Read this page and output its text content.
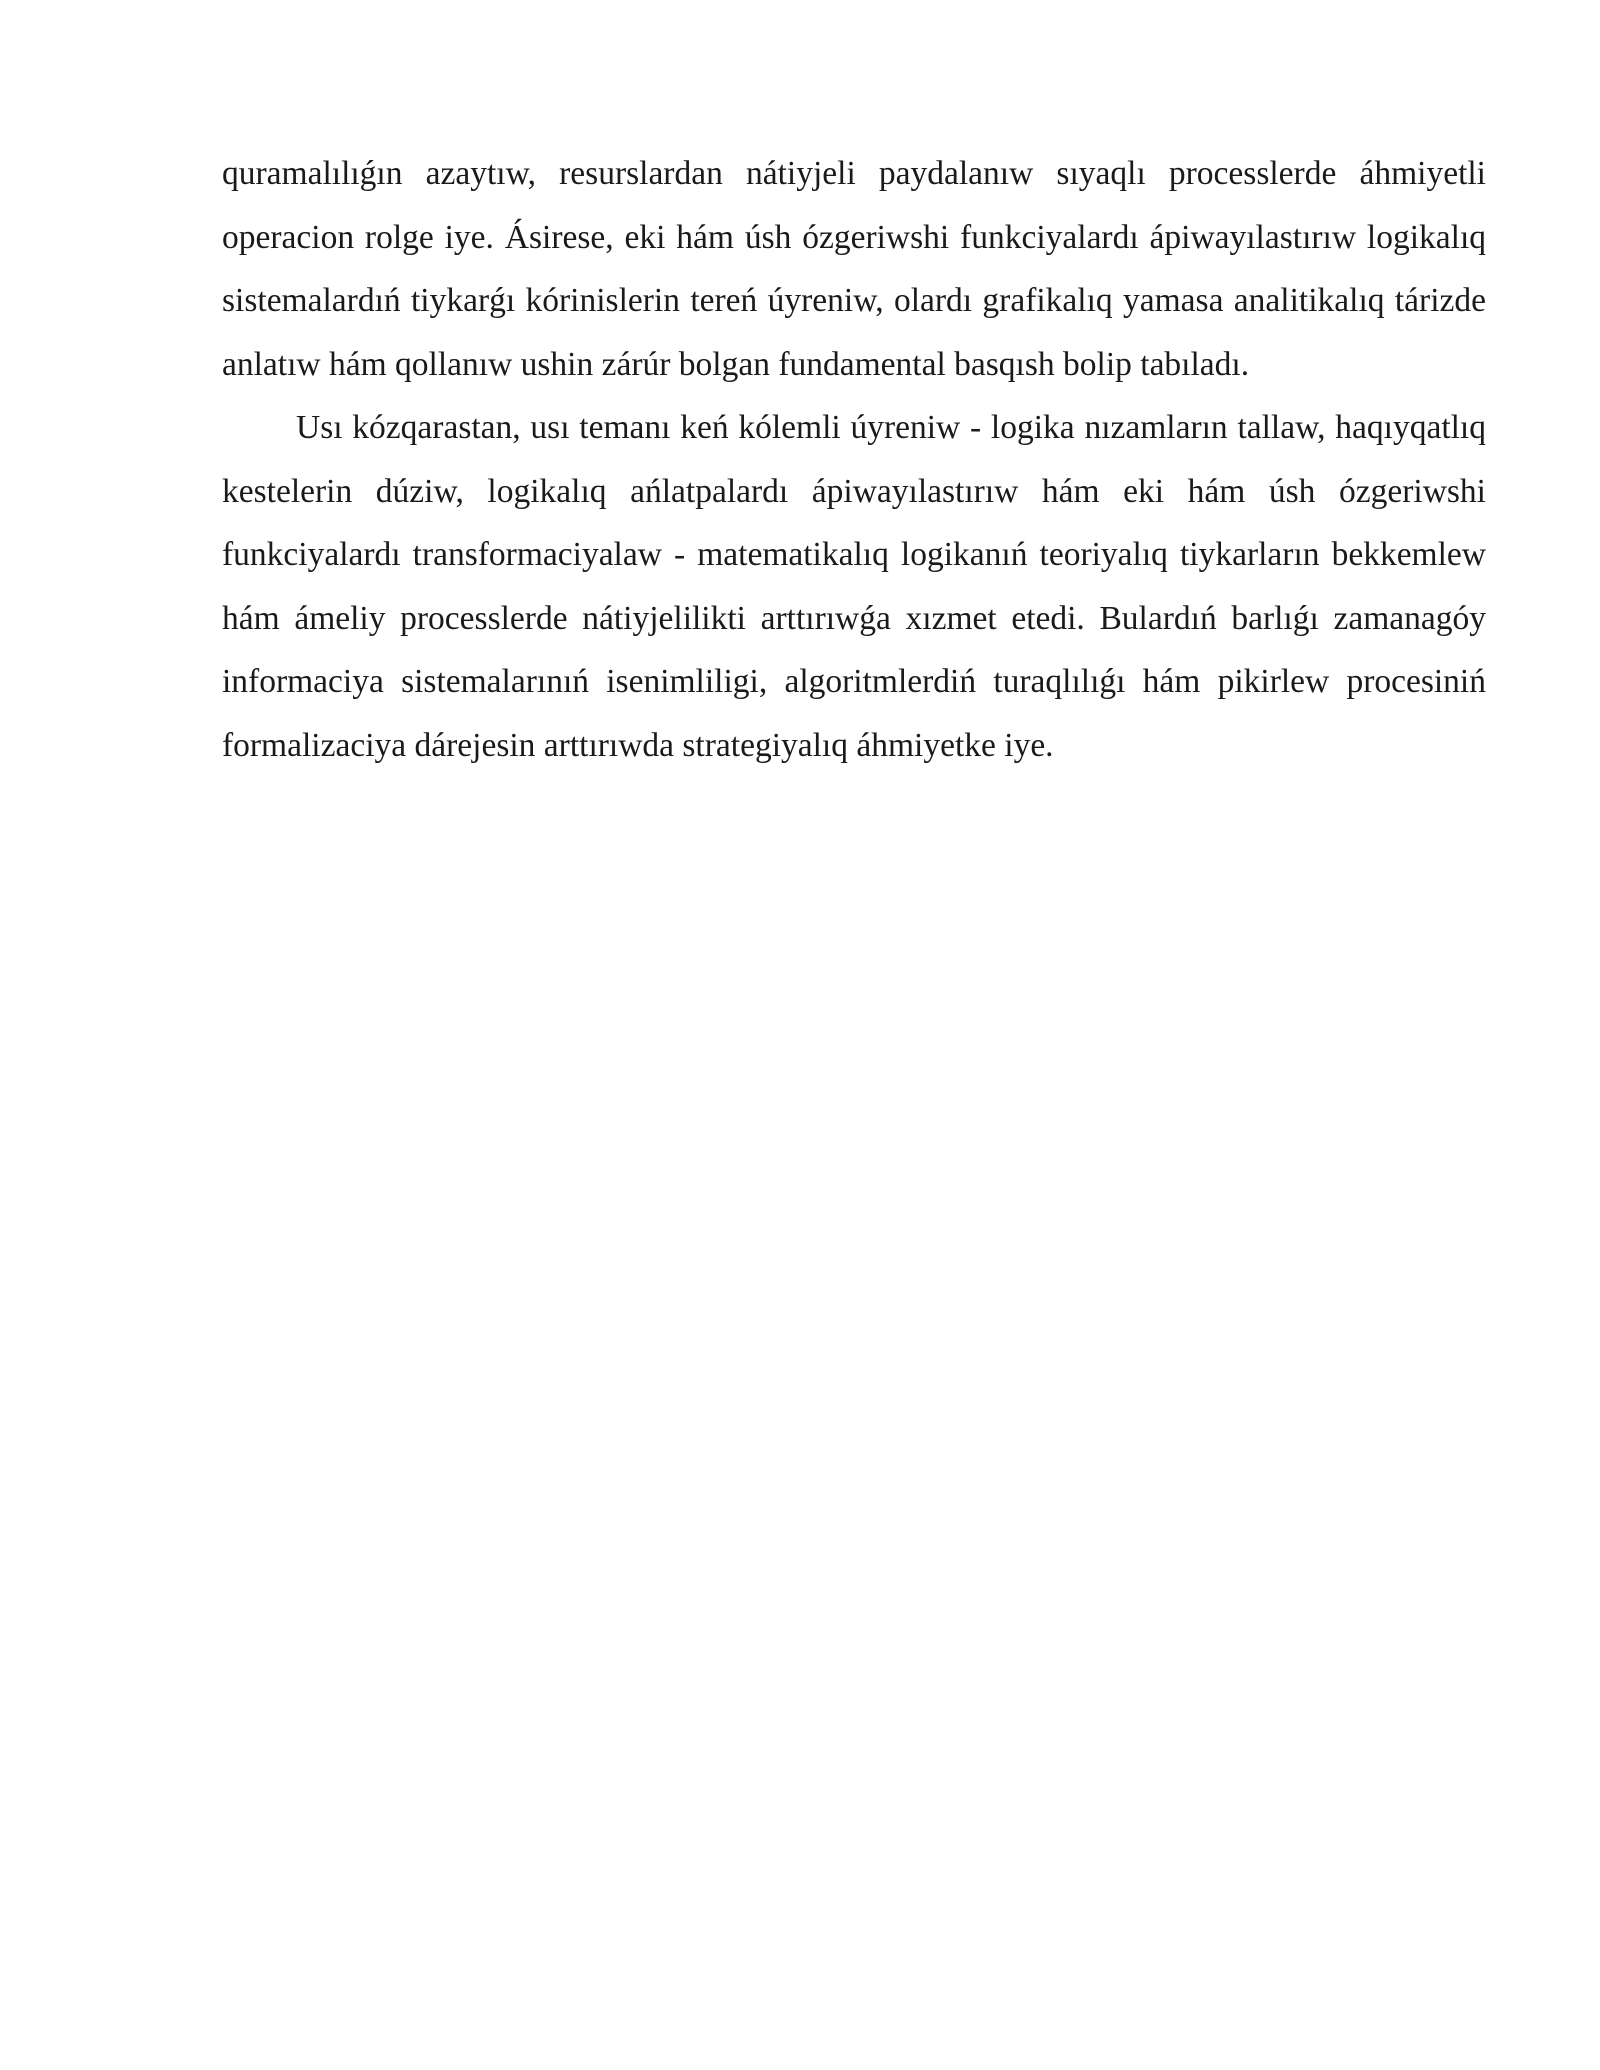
quramalılıǵın azaytıw, resurslardan nátiyjeli paydalanıw sıyaqlı processlerde áhmiyetli operacion rolge iye. Ásirese, eki hám úsh ózgeriwshi funkciyalardı ápiwayılastırıw logikalıq sistemalardıń tiykarǵı kórinislerin tereń úyreniw, olardı grafikalıq yamasa analitikalıq tárizde anlatıw hám qollanıw ushin zárúr bolgan fundamental basqısh bolip tabıladı.

Usı kózqarastan, usı temanı keń kólemli úyreniw - logika nızamların tallaw, haqıyqatlıq kestelerin dúziw, logikalıq ańlatpalardı ápiwayılastırıw hám eki hám úsh ózgeriwshi funkciyalardı transformaciyalaw - matematikalıq logikanıń teoriyalıq tiykarların bekkemlew hám ámeliy processlerde nátiyjelilikti arttırıwǵa xızmet etedi. Bulardıń barlıǵı zamanagóy informaciya sistemalarınıń isenimliligi, algoritmlerdiń turaqlılıǵı hám pikirlew procesiniń formalizaciya dárejesin arttırıwda strategiyalıq áhmiyetke iye.
